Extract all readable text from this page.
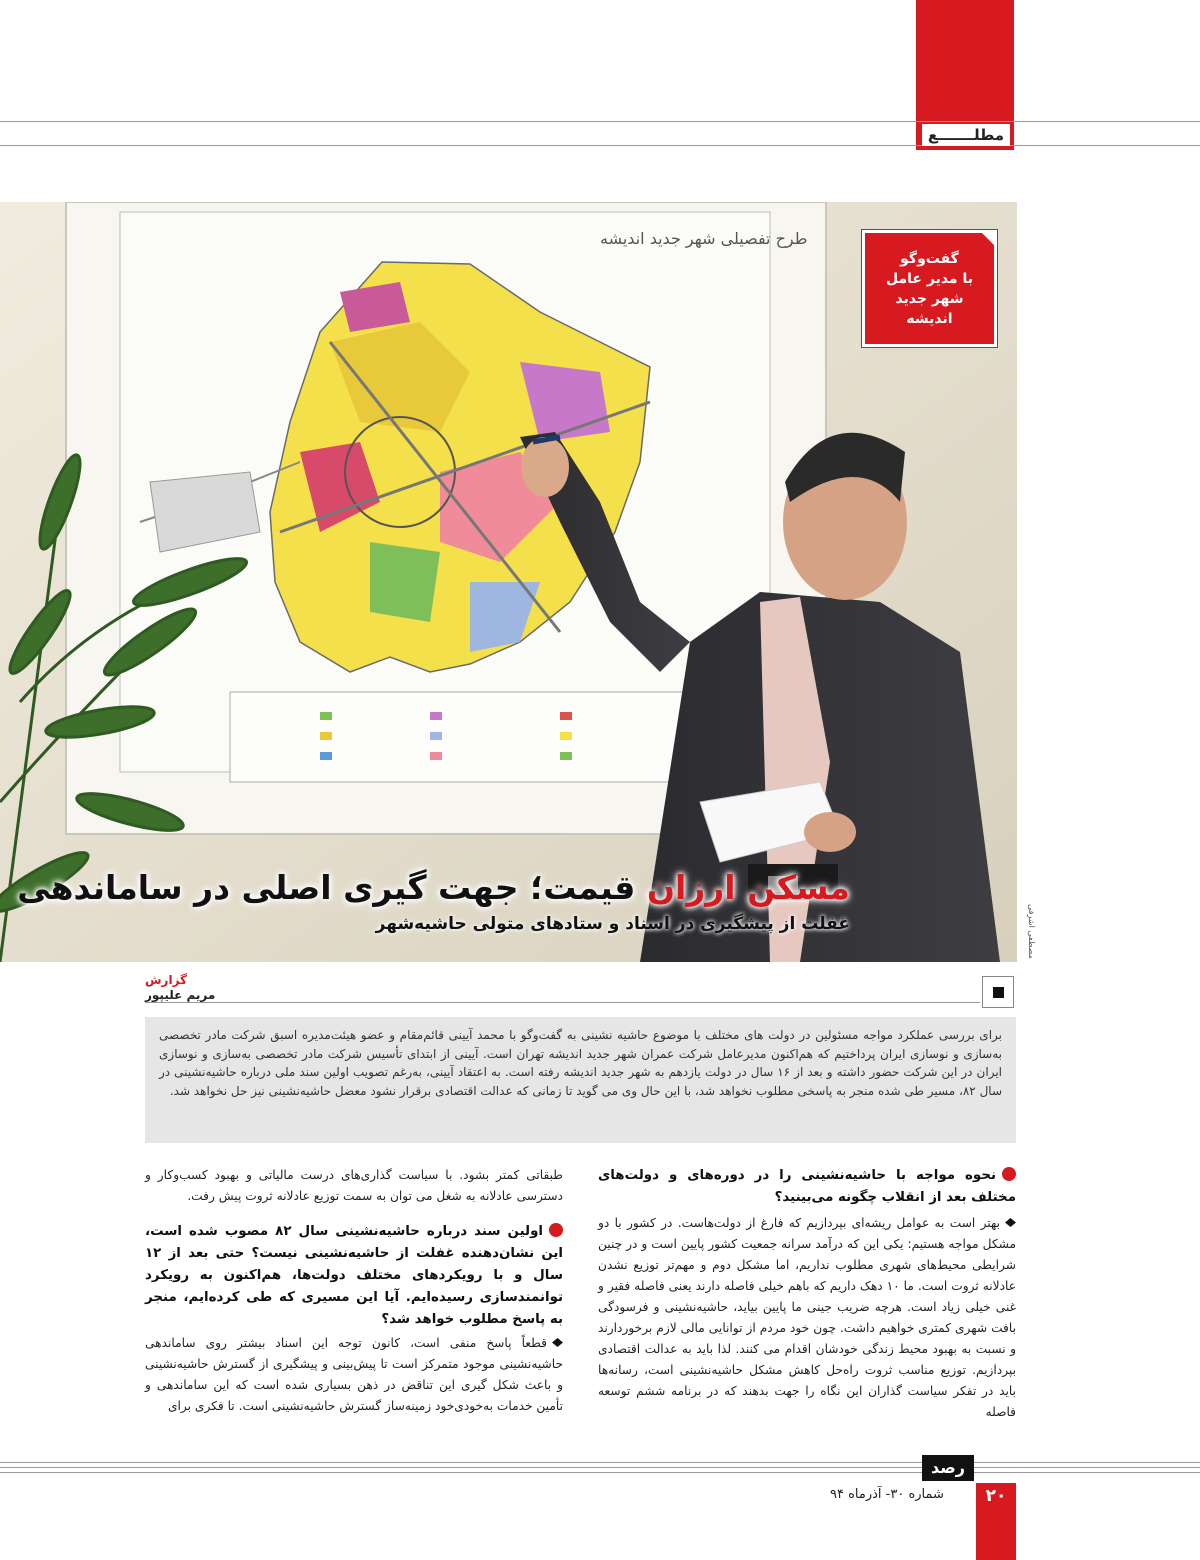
مطلـــــــع
طرح تفصیلی شهر جدید اندیشه
گفت‌وگو
با مدیر عامل
شهر جدید
اندیشه
مصطفی اشرفی
مسکن ارزان قیمت؛ جهت گیری اصلی در ساماندهی
غفلت از پیشگیری در اسناد و ستادهای متولی حاشیه‌شهر
گزارش
مریم علیپور
برای بررسی عملکرد مواجه مسئولین در دولت های مختلف با موضوع حاشیه نشینی به گفت‌وگو با محمد آیینی قائم‌مقام و عضو هیئت‌مدیره اسبق شرکت مادر تخصصی به‌سازی و نوسازی ایران پرداختیم که هم‌اکنون مدیرعامل شرکت عمران شهر جدید اندیشه تهران است. آیینی از ابتدای تأسیس شرکت مادر تخصصی به‌سازی و نوسازی ایران در این شرکت حضور داشته و بعد از ۱۶ سال در دولت یازدهم به شهر جدید اندیشه رفته است. به اعتقاد آیینی، به‌رغم تصویب اولین سند ملی درباره حاشیه‌نشینی در سال ۸۲، مسیر طی شده منجر به پاسخی مطلوب نخواهد شد، با این حال وی می گوید تا زمانی که عدالت اقتصادی برقرار نشود معضل حاشیه‌نشینی نیز حل نخواهد شد.
نحوه مواجه با حاشیه‌نشینی را در دوره‌های و دولت‌های مختلف بعد از انقلاب چگونه می‌بینید؟
بهتر است به عوامل ریشه‌ای بپردازیم که فارغ از دولت‌هاست. در کشور با دو مشکل مواجه هستیم: یکی این که درآمد سرانه جمعیت کشور پایین است و در چنین شرایطی محیط‌های شهری مطلوب نداریم، اما مشکل دوم و مهم‌تر توزیع نشدن عادلانه ثروت است. ما ۱۰ دهک داریم که باهم خیلی فاصله دارند یعنی فاصله فقیر و غنی خیلی زیاد است. هرچه ضریب جینی ما پایین بیاید، حاشیه‌نشینی و فرسودگی بافت شهری کمتری خواهیم داشت. چون خود مردم از توانایی مالی لازم برخوردارند و نسبت به بهبود محیط زندگی خودشان اقدام می کنند. لذا باید به عدالت اقتصادی بپردازیم. توزیع مناسب ثروت راه‌حل کاهش مشکل حاشیه‌نشینی است، رسانه‌ها باید در تفکر سیاست گذاران این نگاه را جهت بدهند که در برنامه ششم توسعه فاصله
طبقاتی کمتر بشود. با سیاست گذاری‌های درست مالیاتی و بهبود کسب‌وکار و دسترسی عادلانه به شغل می توان به سمت توزیع عادلانه ثروت پیش رفت.
اولین سند درباره حاشیه‌نشینی سال ۸۲ مصوب شده است، این نشان‌دهنده غفلت از حاشیه‌نشینی نیست؟ حتی بعد از ۱۲ سال و با رویکردهای مختلف دولت‌ها، هم‌اکنون به رویکرد توانمندسازی رسیده‌ایم. آیا این مسیری که طی کرده‌ایم، منجر به پاسخ مطلوب خواهد شد؟
قطعاً پاسخ منفی است، کانون توجه این اسناد بیشتر روی ساماندهی حاشیه‌نشینی موجود متمرکز است تا پیش‌بینی و پیشگیری از گسترش حاشیه‌نشینی و باعث شکل گیری این تناقض در ذهن بسیاری شده است که این ساماندهی و تأمین خدمات به‌خودی‌خود زمینه‌ساز گسترش حاشیه‌نشینی است. تا فکری برای
رصد
۲۰
شماره ۳۰- آذرماه ۹۴
